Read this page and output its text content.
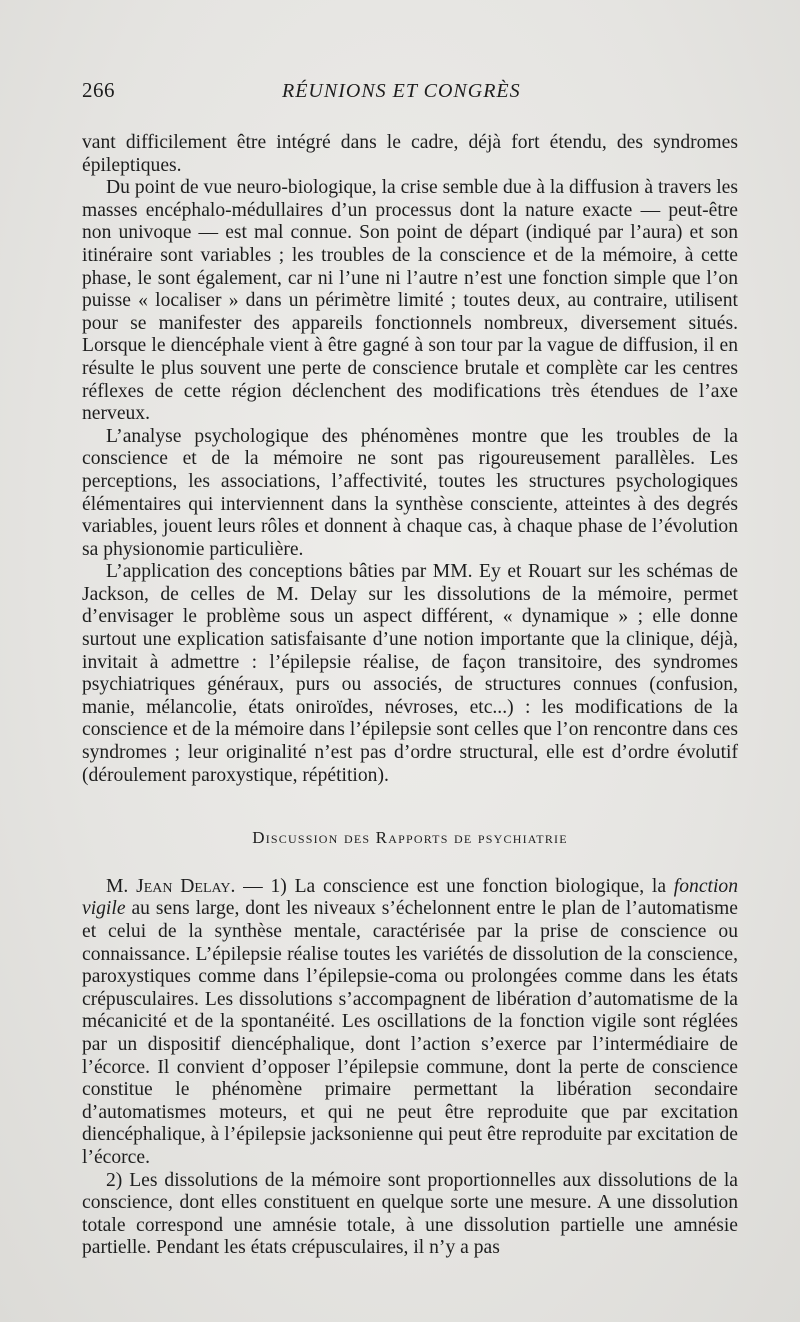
266	RÉUNIONS ET CONGRÈS

vant difficilement être intégré dans le cadre, déjà fort étendu, des syndromes épileptiques.

Du point de vue neuro-biologique, la crise semble due à la diffusion à travers les masses encéphalo-médullaires d’un processus dont la nature exacte — peut-être non univoque — est mal connue. Son point de départ (indiqué par l’aura) et son itinéraire sont variables ; les troubles de la conscience et de la mémoire, à cette phase, le sont également, car ni l’une ni l’autre n’est une fonction simple que l’on puisse « localiser » dans un périmètre limité ; toutes deux, au contraire, utilisent pour se manifester des appareils fonctionnels nombreux, diversement situés. Lorsque le diencéphale vient à être gagné à son tour par la vague de diffusion, il en résulte le plus souvent une perte de conscience brutale et complète car les centres réflexes de cette région déclenchent des modifications très étendues de l’axe nerveux.

L’analyse psychologique des phénomènes montre que les troubles de la conscience et de la mémoire ne sont pas rigoureusement parallèles. Les perceptions, les associations, l’affectivité, toutes les structures psychologiques élémentaires qui interviennent dans la synthèse consciente, atteintes à des degrés variables, jouent leurs rôles et donnent à chaque cas, à chaque phase de l’évolution sa physionomie particulière.

L’application des conceptions bâties par MM. Ey et Rouart sur les schémas de Jackson, de celles de M. Delay sur les dissolutions de la mémoire, permet d’envisager le problème sous un aspect différent, « dynamique » ; elle donne surtout une explication satisfaisante d’une notion importante que la clinique, déjà, invitait à admettre : l’épilepsie réalise, de façon transitoire, des syndromes psychiatriques généraux, purs ou associés, de structures connues (confusion, manie, mélancolie, états oniroïdes, névroses, etc...) : les modifications de la conscience et de la mémoire dans l’épilepsie sont celles que l’on rencontre dans ces syndromes ; leur originalité n’est pas d’ordre structural, elle est d’ordre évolutif (déroulement paroxystique, répétition).

Discussion des Rapports de psychiatrie

M. Jean Delay. — 1) La conscience est une fonction biologique, la fonction vigile au sens large, dont les niveaux s’échelonnent entre le plan de l’automatisme et celui de la synthèse mentale, caractérisée par la prise de conscience ou connaissance. L’épilepsie réalise toutes les variétés de dissolution de la conscience, paroxystiques comme dans l’épilepsie-coma ou prolongées comme dans les états crépusculaires. Les dissolutions s’accompagnent de libération d’automatisme de la mécanicité et de la spontanéité. Les oscillations de la fonction vigile sont réglées par un dispositif diencéphalique, dont l’action s’exerce par l’intermédiaire de l’écorce. Il convient d’opposer l’épilepsie commune, dont la perte de conscience constitue le phénomène primaire permettant la libération secondaire d’automatismes moteurs, et qui ne peut être reproduite que par excitation diencéphalique, à l’épilepsie jacksonienne qui peut être reproduite par excitation de l’écorce.

2) Les dissolutions de la mémoire sont proportionnelles aux dissolutions de la conscience, dont elles constituent en quelque sorte une mesure. A une dissolution totale correspond une amnésie totale, à une dissolution partielle une amnésie partielle. Pendant les états crépusculaires, il n’y a pas
